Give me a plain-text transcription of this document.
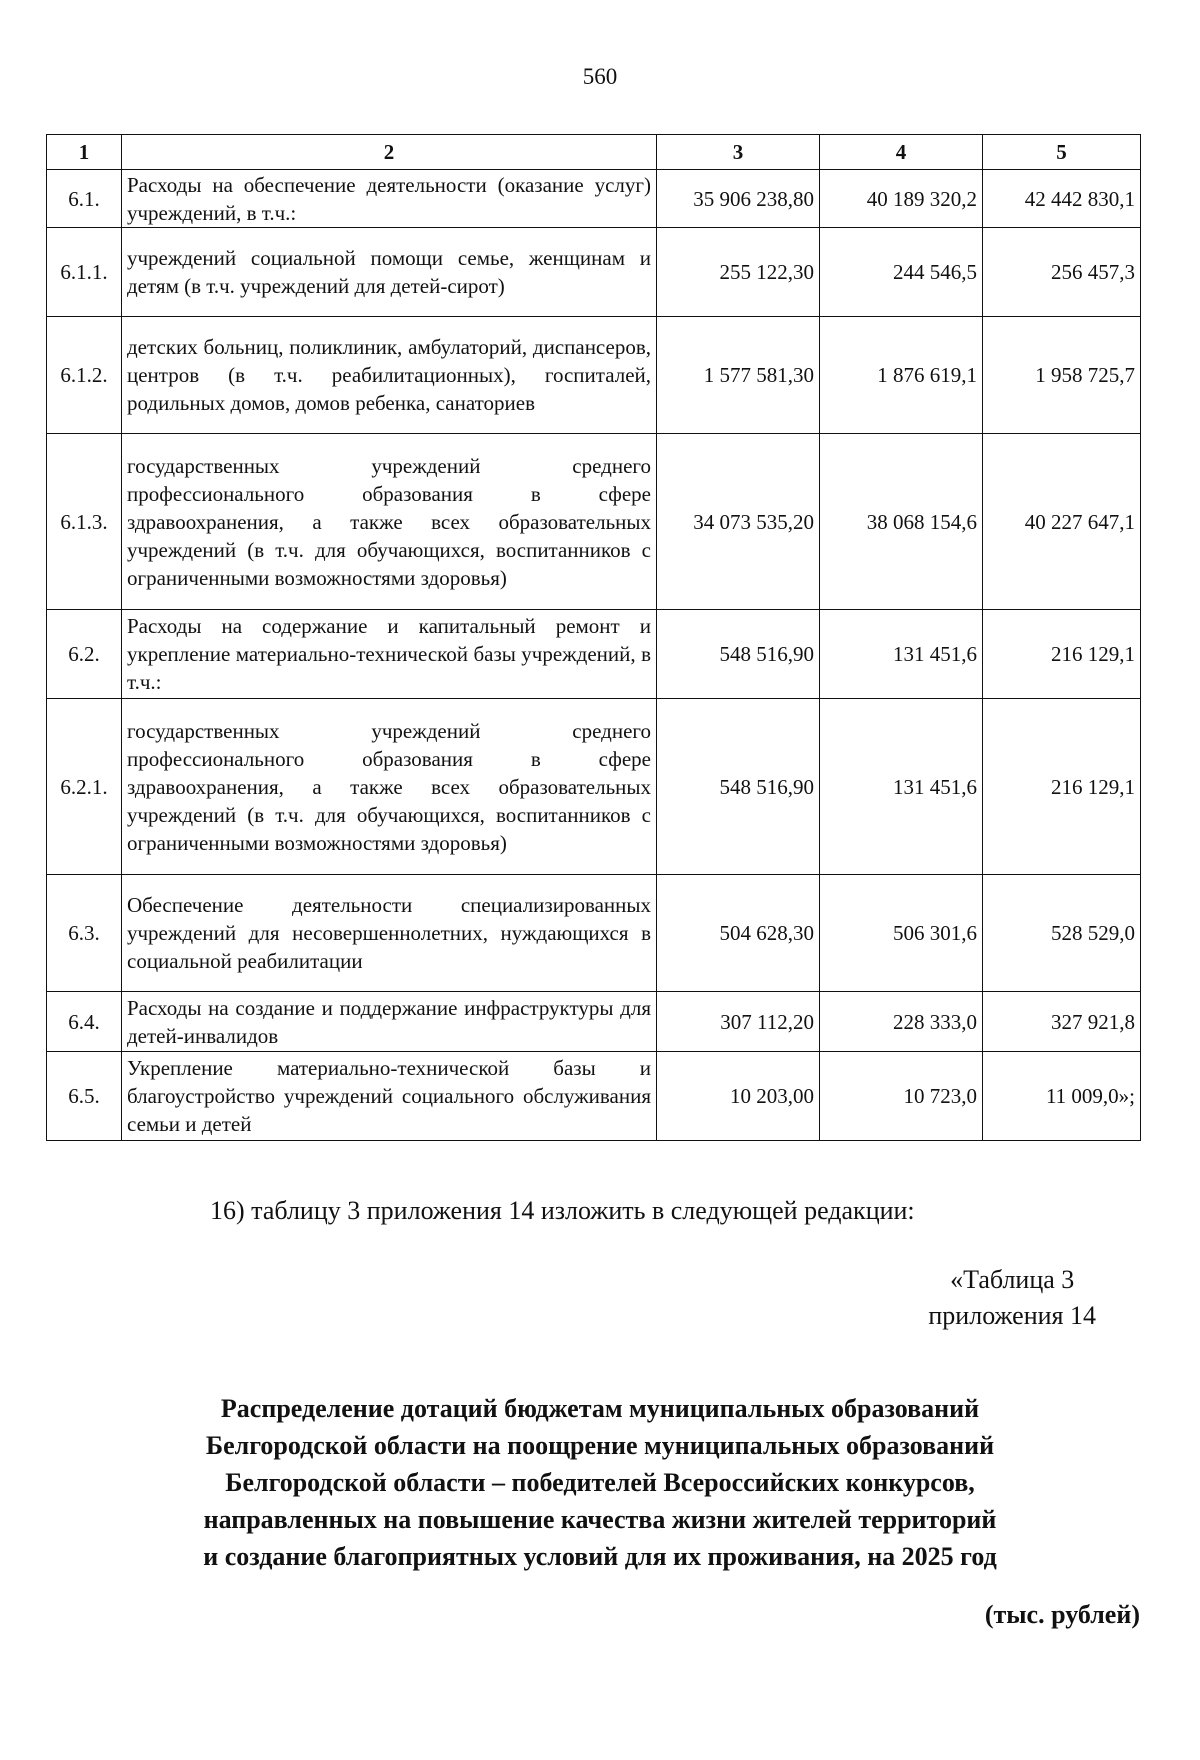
560
1	2	3	4	5
6.1.	Расходы на обеспечение деятельности (оказание услуг) учреждений, в т.ч.:	35 906 238,80	40 189 320,2	42 442 830,1
6.1.1.	учреждений социальной помощи семье, женщинам и детям (в т.ч. учреждений для детей-сирот)	255 122,30	244 546,5	256 457,3
6.1.2.	детских больниц, поликлиник, амбулаторий, диспансеров, центров (в т.ч. реабилитационных), госпиталей, родильных домов, домов ребенка, санаториев	1 577 581,30	1 876 619,1	1 958 725,7
6.1.3.	государственных учреждений среднего профессионального образования в сфере здравоохранения, а также всех образовательных учреждений (в т.ч. для обучающихся, воспитанников с ограниченными возможностями здоровья)	34 073 535,20	38 068 154,6	40 227 647,1
6.2.	Расходы на содержание и капитальный ремонт и укрепление материально-технической базы учреждений, в т.ч.:	548 516,90	131 451,6	216 129,1
6.2.1.	государственных учреждений среднего профессионального образования в сфере здравоохранения, а также всех образовательных учреждений (в т.ч. для обучающихся, воспитанников с ограниченными возможностями здоровья)	548 516,90	131 451,6	216 129,1
6.3.	Обеспечение деятельности специализированных учреждений для несовершеннолетних, нуждающихся в социальной реабилитации	504 628,30	506 301,6	528 529,0
6.4.	Расходы на создание и поддержание инфраструктуры для детей-инвалидов	307 112,20	228 333,0	327 921,8
6.5.	Укрепление материально-технической базы и благоустройство учреждений социального обслуживания семьи и детей	10 203,00	10 723,0	11 009,0»;
16) таблицу 3 приложения 14 изложить в следующей редакции:
«Таблица 3
приложения 14
Распределение дотаций бюджетам муниципальных образований
Белгородской области на поощрение муниципальных образований
Белгородской области – победителей Всероссийских конкурсов,
направленных на повышение качества жизни жителей территорий
и создание благоприятных условий для их проживания, на 2025 год
(тыс. рублей)
